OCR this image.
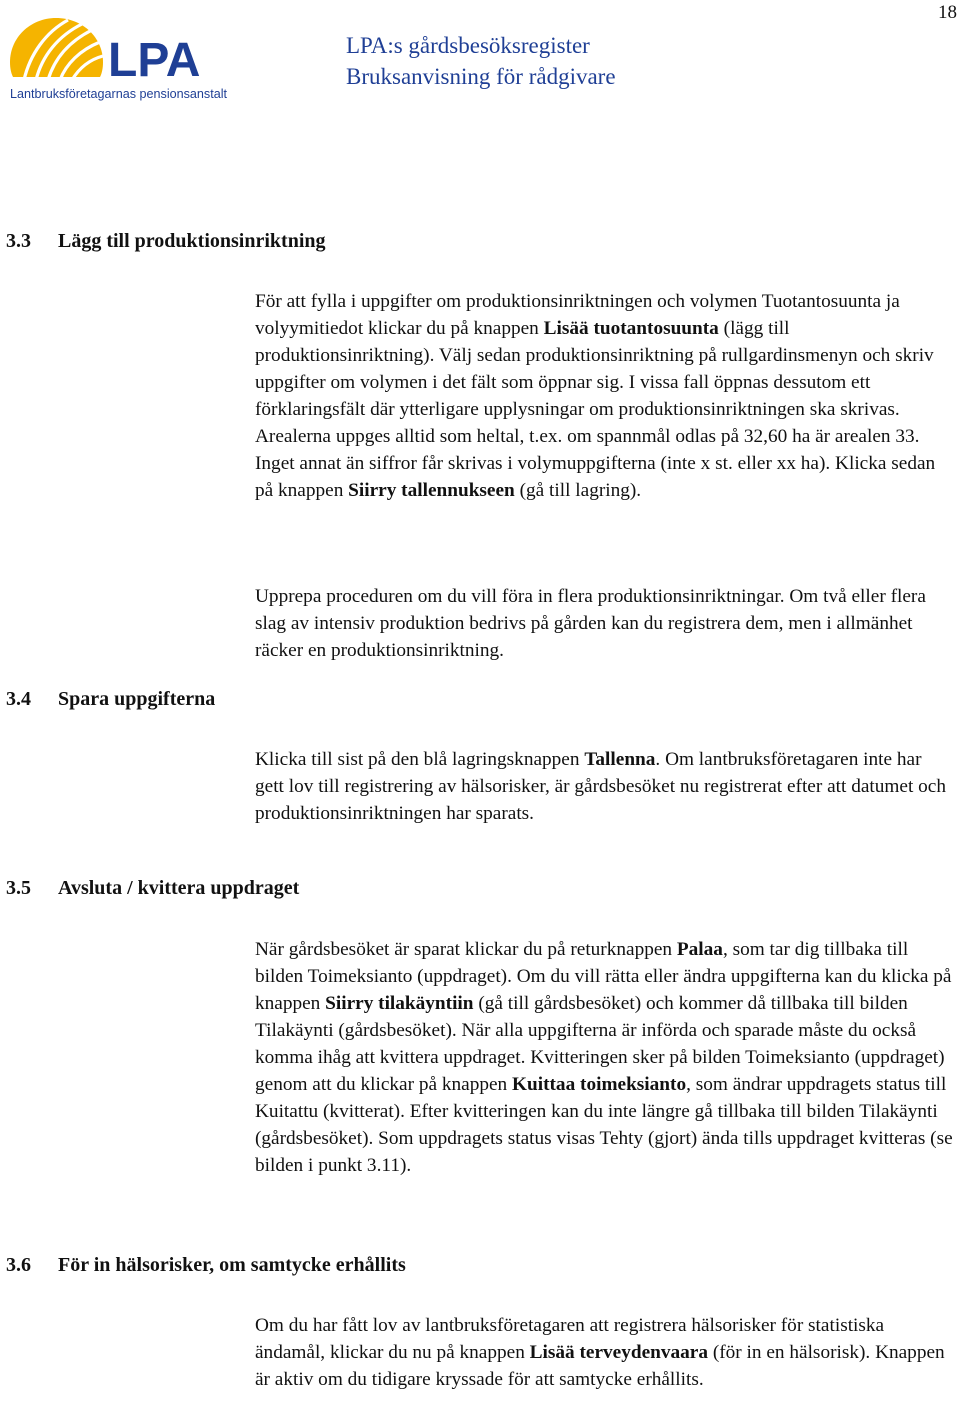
18
LPA
Lantbruksföretagarnas pensionsanstalt
LPA:s gårdsbesöksregister
Bruksanvisning för rådgivare
3.3 Lägg till produktionsinriktning

För att fylla i uppgifter om produktionsinriktningen och volymen Tuotantosuunta ja volyymitiedot klickar du på knappen Lisää tuotantosuunta (lägg till produktionsinriktning). Välj sedan produktionsinriktning på rullgardinsmenyn och skriv uppgifter om volymen i det fält som öppnar sig. I vissa fall öppnas dessutom ett förklaringsfält där ytterligare upplysningar om produktionsinriktningen ska skrivas. Arealerna uppges alltid som heltal, t.ex. om spannmål odlas på 32,60 ha är arealen 33. Inget annat än siffror får skrivas i volymuppgifterna (inte x st. eller xx ha). Klicka sedan på knappen Siirry tallennukseen (gå till lagring).

Upprepa proceduren om du vill föra in flera produktionsinriktningar. Om två eller flera slag av intensiv produktion bedrivs på gården kan du registrera dem, men i allmänhet räcker en produktionsinriktning.

3.4 Spara uppgifterna

Klicka till sist på den blå lagringsknappen Tallenna. Om lantbruksföretagaren inte har gett lov till registrering av hälsorisker, är gårdsbesöket nu registrerat efter att datumet och produktionsinriktningen har sparats.

3.5 Avsluta / kvittera uppdraget

När gårdsbesöket är sparat klickar du på returknappen Palaa, som tar dig tillbaka till bilden Toimeksianto (uppdraget). Om du vill rätta eller ändra uppgifterna kan du klicka på knappen Siirry tilakäyntiin (gå till gårdsbesöket) och kommer då tillbaka till bilden Tilakäynti (gårdsbesöket). När alla uppgifterna är införda och sparade måste du också komma ihåg att kvittera uppdraget. Kvitteringen sker på bilden Toimeksianto (uppdraget) genom att du klickar på knappen Kuittaa toimeksianto, som ändrar uppdragets status till Kuitattu (kvitterat). Efter kvitteringen kan du inte längre gå tillbaka till bilden Tilakäynti (gårdsbesöket). Som uppdragets status visas Tehty (gjort) ända tills uppdraget kvitteras (se bilden i punkt 3.11).

3.6 För in hälsorisker, om samtycke erhållits

Om du har fått lov av lantbruksföretagaren att registrera hälsorisker för statistiska ändamål, klickar du nu på knappen Lisää terveydenvaara (för in en hälsorisk). Knappen är aktiv om du tidigare kryssade för att samtycke erhållits.
